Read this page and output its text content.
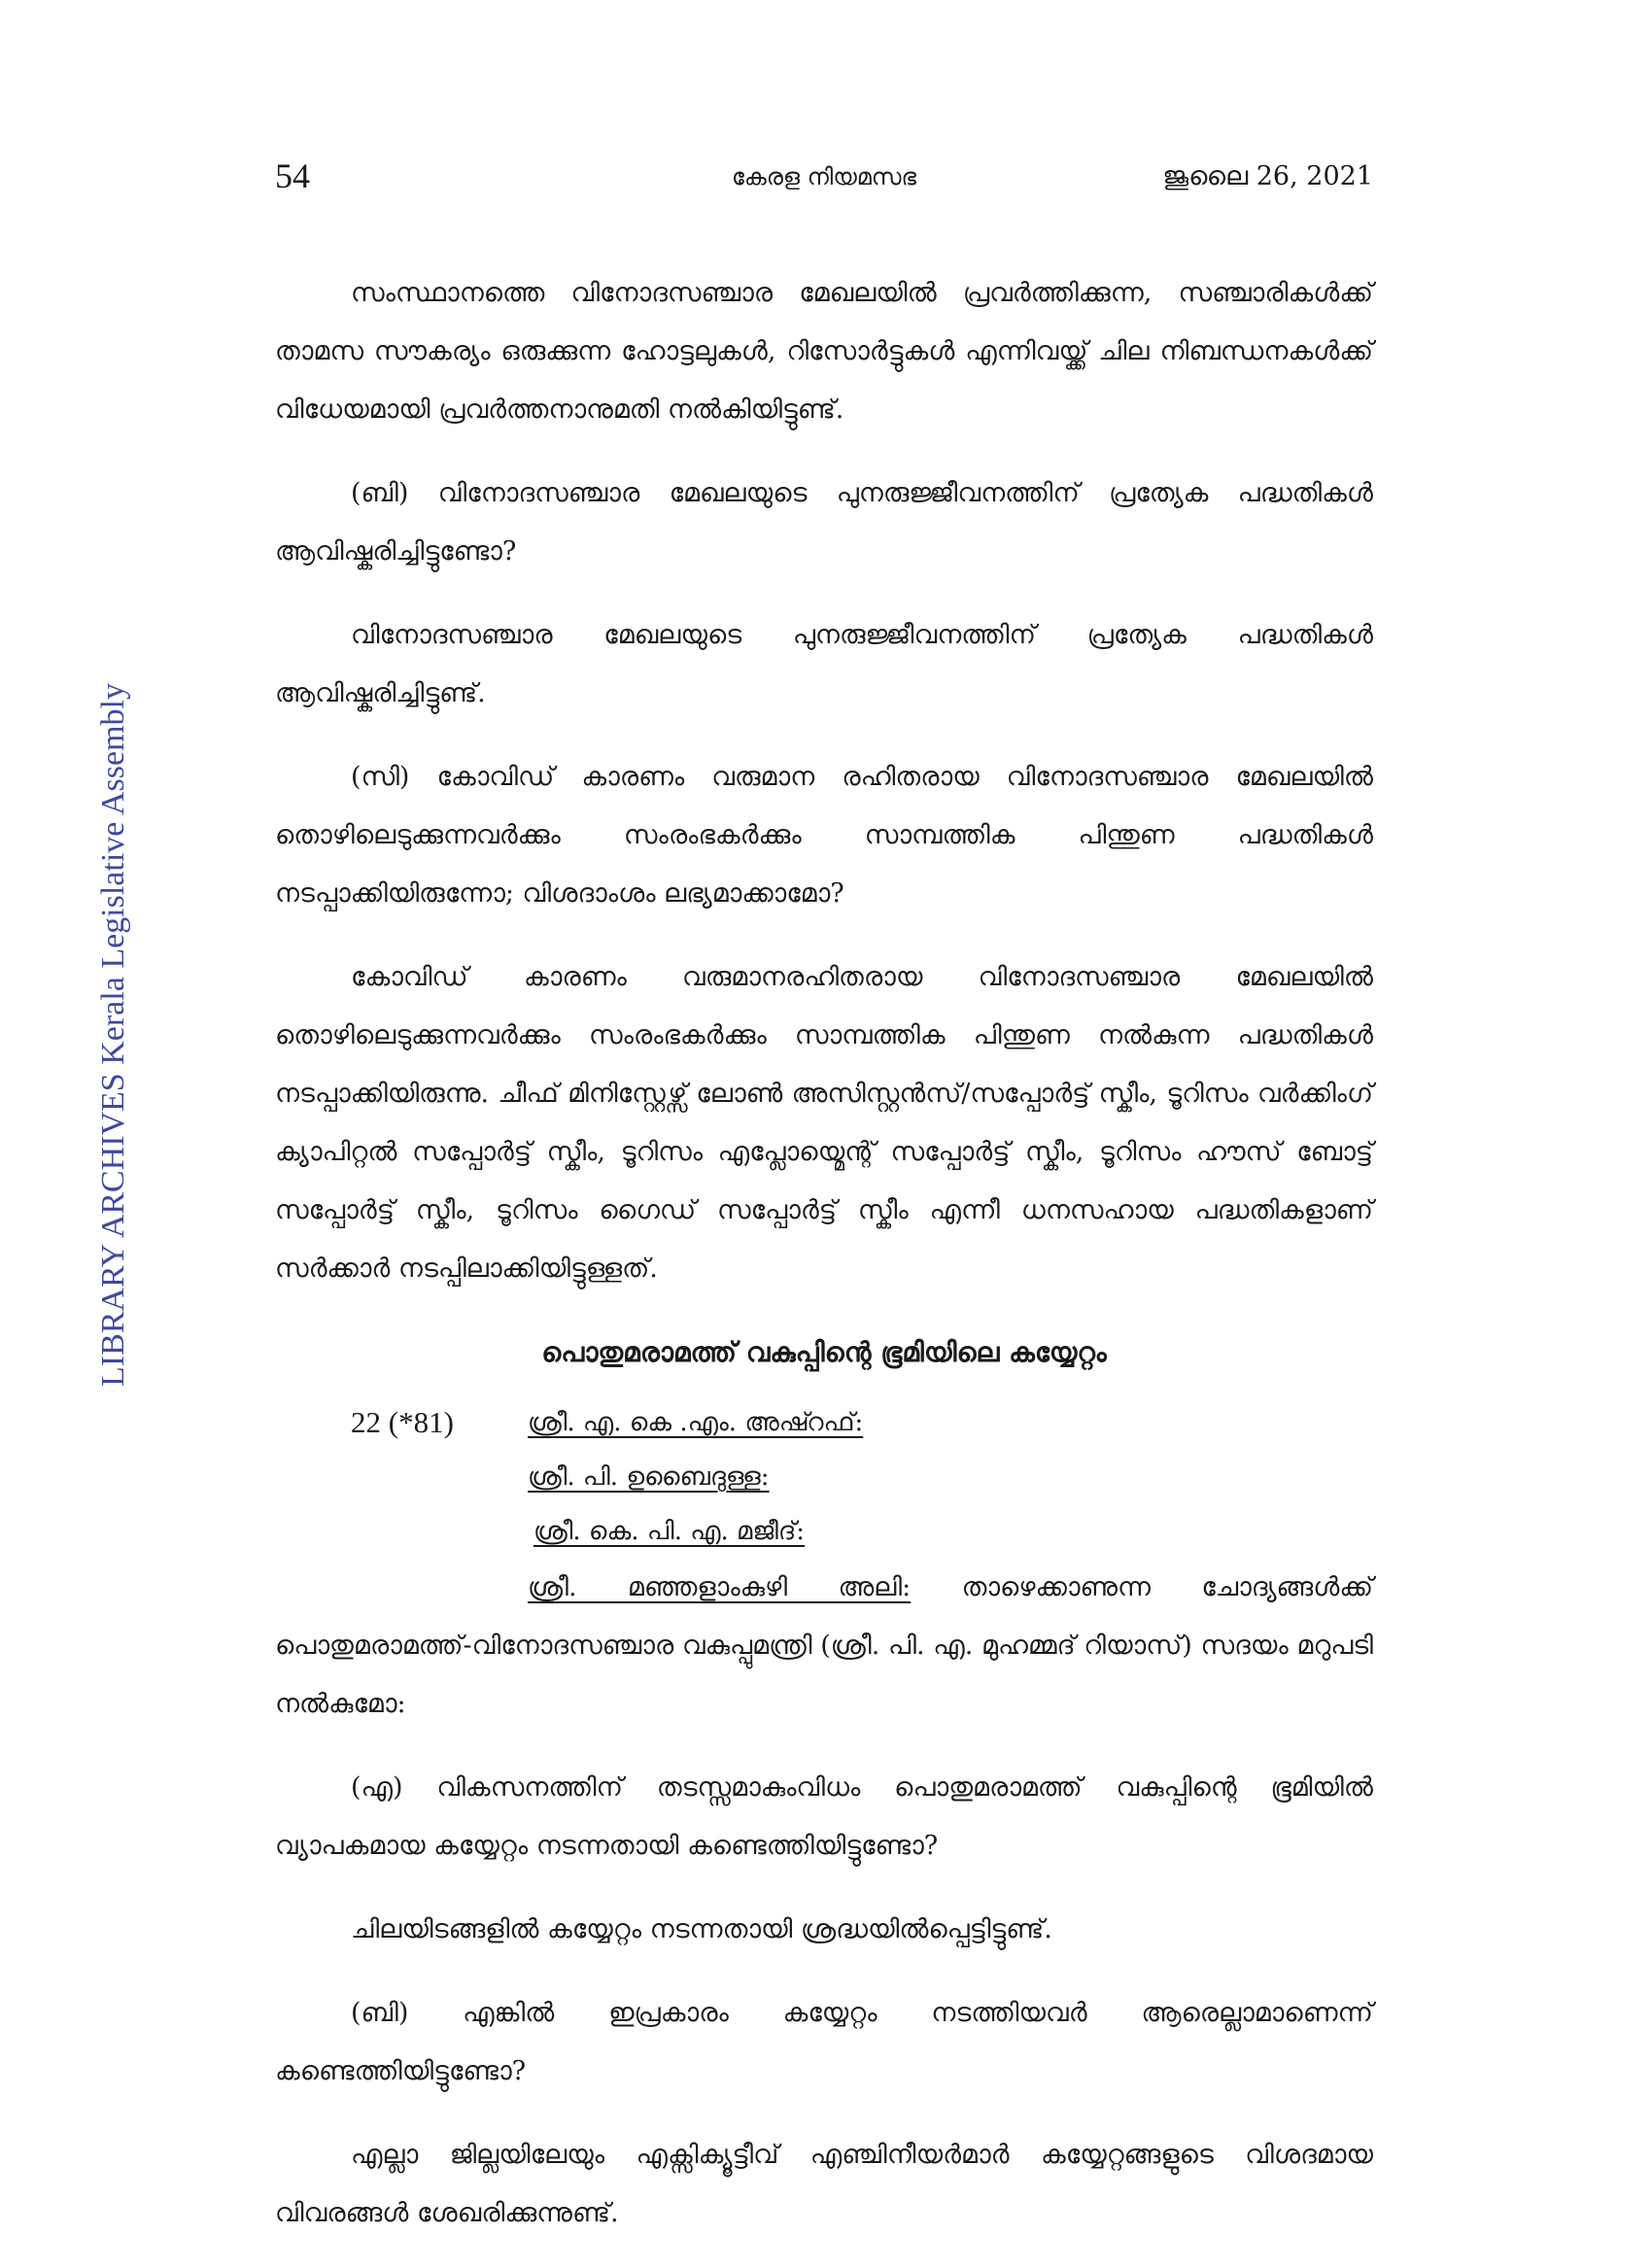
LIBRARY ARCHIVES Kerala Legislative Assembly
54	കേരള നിയമസഭ	ജൂലൈ 26, 2021

സംസ്ഥാനത്തെ വിനോദസഞ്ചാര മേഖലയിൽ പ്രവർത്തിക്കുന്ന, സഞ്ചാരികൾക്ക് താമസ സൗകര്യം ഒരുക്കുന്ന ഹോട്ടലുകൾ, റിസോർട്ടുകൾ എന്നിവയ്ക്ക് ചില നിബന്ധനകൾക്ക് വിധേയമായി പ്രവർത്തനാനുമതി നൽകിയിട്ടുണ്ട്.

(ബി) വിനോദസഞ്ചാര മേഖലയുടെ പുനരുജ്ജീവനത്തിന് പ്രത്യേക പദ്ധതികൾ ആവിഷ്കരിച്ചിട്ടുണ്ടോ?

വിനോദസഞ്ചാര മേഖലയുടെ പുനരുജ്ജീവനത്തിന് പ്രത്യേക പദ്ധതികൾ ആവിഷ്കരിച്ചിട്ടുണ്ട്.

(സി) കോവിഡ് കാരണം വരുമാന രഹിതരായ വിനോദസഞ്ചാര മേഖലയിൽ തൊഴിലെടുക്കുന്നവർക്കും സംരംഭകർക്കും സാമ്പത്തിക പിന്തുണ പദ്ധതികൾ നടപ്പാക്കിയിരുന്നോ; വിശദാംശം ലഭ്യമാക്കാമോ?

കോവിഡ് കാരണം വരുമാനരഹിതരായ വിനോദസഞ്ചാര മേഖലയിൽ തൊഴിലെടുക്കുന്നവർക്കും സംരംഭകർക്കും സാമ്പത്തിക പിന്തുണ നൽകുന്ന പദ്ധതികൾ നടപ്പാക്കിയിരുന്നു. ചീഫ് മിനിസ്റ്റേഴ്സ് ലോൺ അസിസ്റ്റൻസ്/സപ്പോർട്ട് സ്കീം, ടൂറിസം വർക്കിംഗ് ക്യാപിറ്റൽ സപ്പോർട്ട് സ്കീം, ടൂറിസം എപ്ലോയ്മെന്റ് സപ്പോർട്ട് സ്കീം, ടൂറിസം ഹൗസ് ബോട്ട് സപ്പോർട്ട് സ്കീം, ടൂറിസം ഗൈഡ് സപ്പോർട്ട് സ്കീം എന്നീ ധനസഹായ പദ്ധതികളാണ് സർക്കാർ നടപ്പിലാക്കിയിട്ടുള്ളത്.

പൊതുമരാമത്ത് വകുപ്പിന്റെ ഭൂമിയിലെ കയ്യേറ്റം
22 (*81)	ശ്രീ. എ. കെ .എം. അഷ്റഫ്:
ശ്രീ. പി. ഉബൈദുള്ള:
ശ്രീ. കെ. പി. എ. മജീദ്:

ശ്രീ. മഞ്ഞളാംകുഴി അലി: താഴെക്കാണുന്ന ചോദ്യങ്ങൾക്ക് പൊതുമരാമത്ത്-വിനോദസഞ്ചാര വകുപ്പുമന്ത്രി (ശ്രീ. പി. എ. മുഹമ്മദ് റിയാസ്) സദയം മറുപടി നൽകുമോ:

(എ) വികസനത്തിന് തടസ്സമാകുംവിധം പൊതുമരാമത്ത് വകുപ്പിന്റെ ഭൂമിയിൽ വ്യാപകമായ കയ്യേറ്റം നടന്നതായി കണ്ടെത്തിയിട്ടുണ്ടോ?

ചിലയിടങ്ങളിൽ കയ്യേറ്റം നടന്നതായി ശ്രദ്ധയിൽപ്പെട്ടിട്ടുണ്ട്.

(ബി) എങ്കിൽ ഇപ്രകാരം കയ്യേറ്റം നടത്തിയവർ ആരെല്ലാമാണെന്ന് കണ്ടെത്തിയിട്ടുണ്ടോ?

എല്ലാ ജില്ലയിലേയും എക്സിക്യൂട്ടീവ് എഞ്ചിനീയർമാർ കയ്യേറ്റങ്ങളുടെ വിശദമായ വിവരങ്ങൾ ശേഖരിക്കുന്നുണ്ട്.
